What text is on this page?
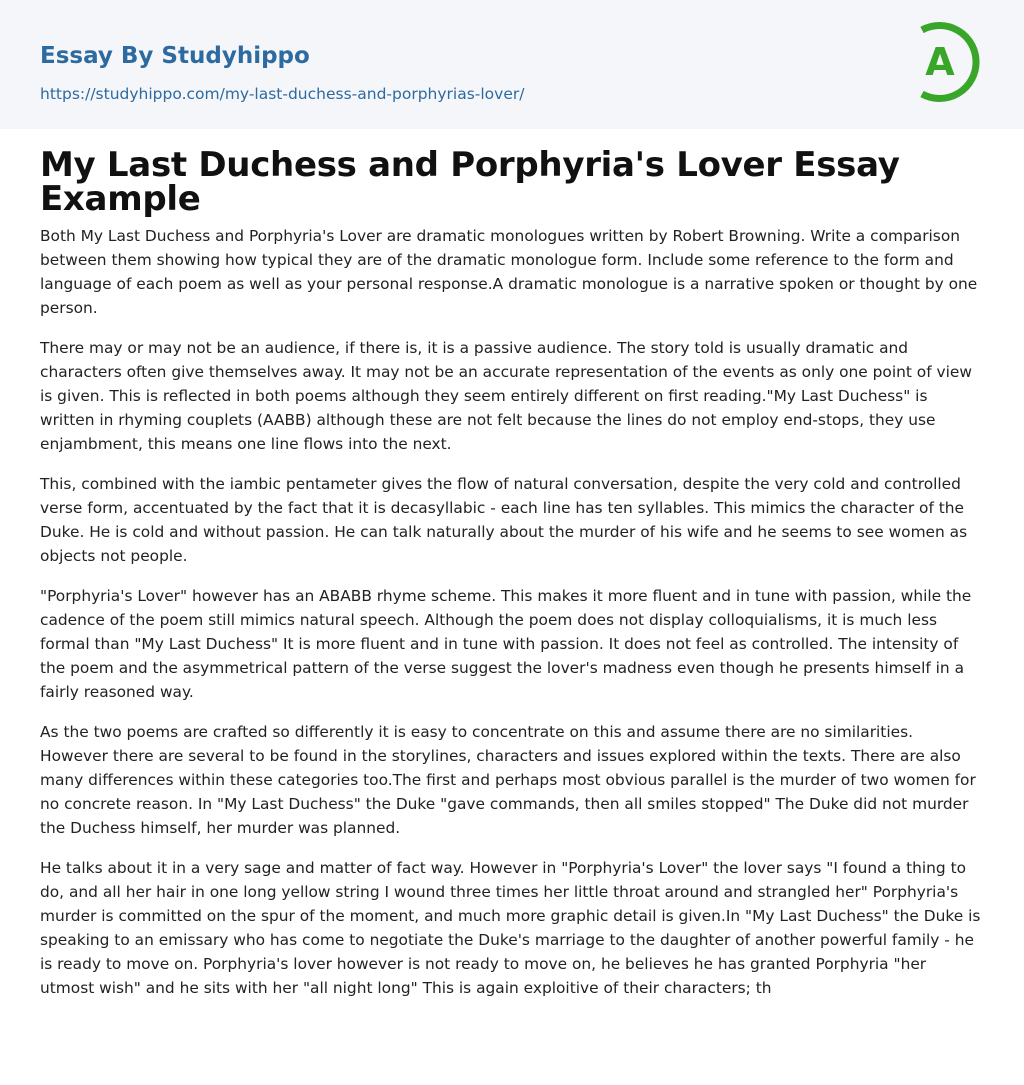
Essay By Studyhippo
https://studyhippo.com/my-last-duchess-and-porphyrias-lover/
A
My Last Duchess and Porphyria's Lover Essay Example

Both My Last Duchess and Porphyria's Lover are dramatic monologues written by Robert Browning. Write a comparison between them showing how typical they are of the dramatic monologue form. Include some reference to the form and language of each poem as well as your personal response.A dramatic monologue is a narrative spoken or thought by one person.

There may or may not be an audience, if there is, it is a passive audience. The story told is usually dramatic and characters often give themselves away. It may not be an accurate representation of the events as only one point of view is given. This is reflected in both poems although they seem entirely different on first reading."My Last Duchess" is written in rhyming couplets (AABB) although these are not felt because the lines do not employ end-stops, they use enjambment, this means one line flows into the next.

This, combined with the iambic pentameter gives the flow of natural conversation, despite the very cold and controlled verse form, accentuated by the fact that it is decasyllabic - each line has ten syllables. This mimics the character of the Duke. He is cold and without passion. He can talk naturally about the murder of his wife and he seems to see women as objects not people.

"Porphyria's Lover" however has an ABABB rhyme scheme. This makes it more fluent and in tune with passion, while the cadence of the poem still mimics natural speech. Although the poem does not display colloquialisms, it is much less formal than "My Last Duchess" It is more fluent and in tune with passion. It does not feel as controlled. The intensity of the poem and the asymmetrical pattern of the verse suggest the lover's madness even though he presents himself in a fairly reasoned way.

As the two poems are crafted so differently it is easy to concentrate on this and assume there are no similarities. However there are several to be found in the storylines, characters and issues explored within the texts. There are also many differences within these categories too.The first and perhaps most obvious parallel is the murder of two women for no concrete reason. In "My Last Duchess" the Duke "gave commands, then all smiles stopped" The Duke did not murder the Duchess himself, her murder was planned.

He talks about it in a very sage and matter of fact way. However in "Porphyria's Lover" the lover says "I found a thing to do, and all her hair in one long yellow string I wound three times her little throat around and strangled her" Porphyria's murder is committed on the spur of the moment, and much more graphic detail is given.In "My Last Duchess" the Duke is speaking to an emissary who has come to negotiate the Duke's marriage to the daughter of another powerful family - he is ready to move on. Porphyria's lover however is not ready to move on, he believes he has granted Porphyria "her utmost wish" and he sits with her "all night long" This is again exploitive of their characters; th
